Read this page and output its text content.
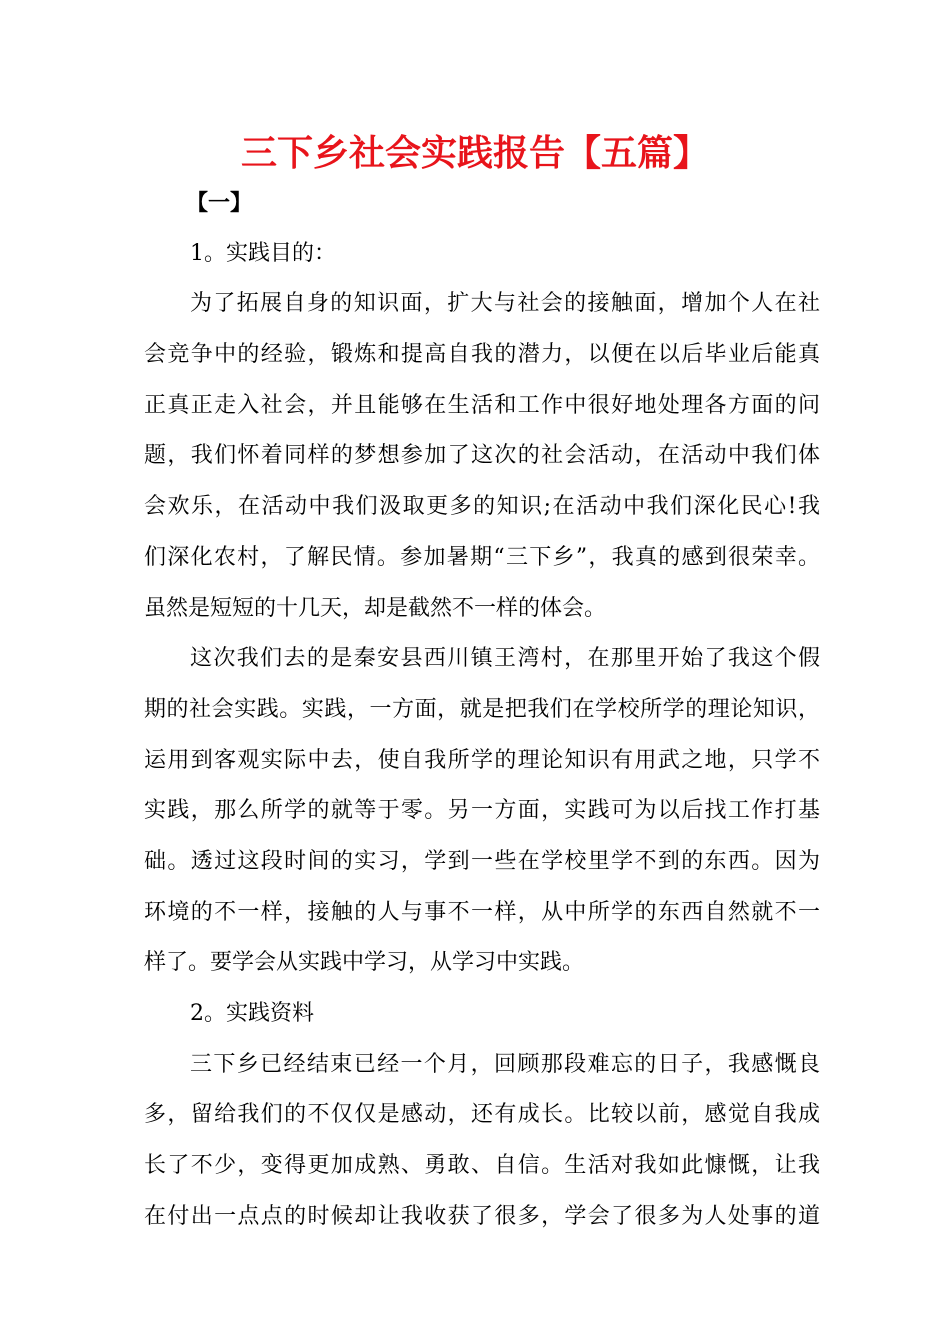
三下乡社会实践报告【五篇】
【一】
1。实践目的：
为了拓展自身的知识面，扩大与社会的接触面，增加个人在社
会竞争中的经验，锻炼和提高自我的潜力，以便在以后毕业后能真
正真正走入社会，并且能够在生活和工作中很好地处理各方面的问
题，我们怀着同样的梦想参加了这次的社会活动，在活动中我们体
会欢乐，在活动中我们汲取更多的知识;在活动中我们深化民心!我
们深化农村，了解民情。参加暑期“三下乡”，我真的感到很荣幸。
虽然是短短的十几天，却是截然不一样的体会。
这次我们去的是秦安县西川镇王湾村，在那里开始了我这个假
期的社会实践。实践，一方面，就是把我们在学校所学的理论知识，
运用到客观实际中去，使自我所学的理论知识有用武之地，只学不
实践，那么所学的就等于零。另一方面，实践可为以后找工作打基
础。透过这段时间的实习，学到一些在学校里学不到的东西。因为
环境的不一样，接触的人与事不一样，从中所学的东西自然就不一
样了。要学会从实践中学习，从学习中实践。
2。实践资料
三下乡已经结束已经一个月，回顾那段难忘的日子，我感慨良
多，留给我们的不仅仅是感动，还有成长。比较以前，感觉自我成
长了不少，变得更加成熟、勇敢、自信。生活对我如此慷慨，让我
在付出一点点的时候却让我收获了很多，学会了很多为人处事的道
